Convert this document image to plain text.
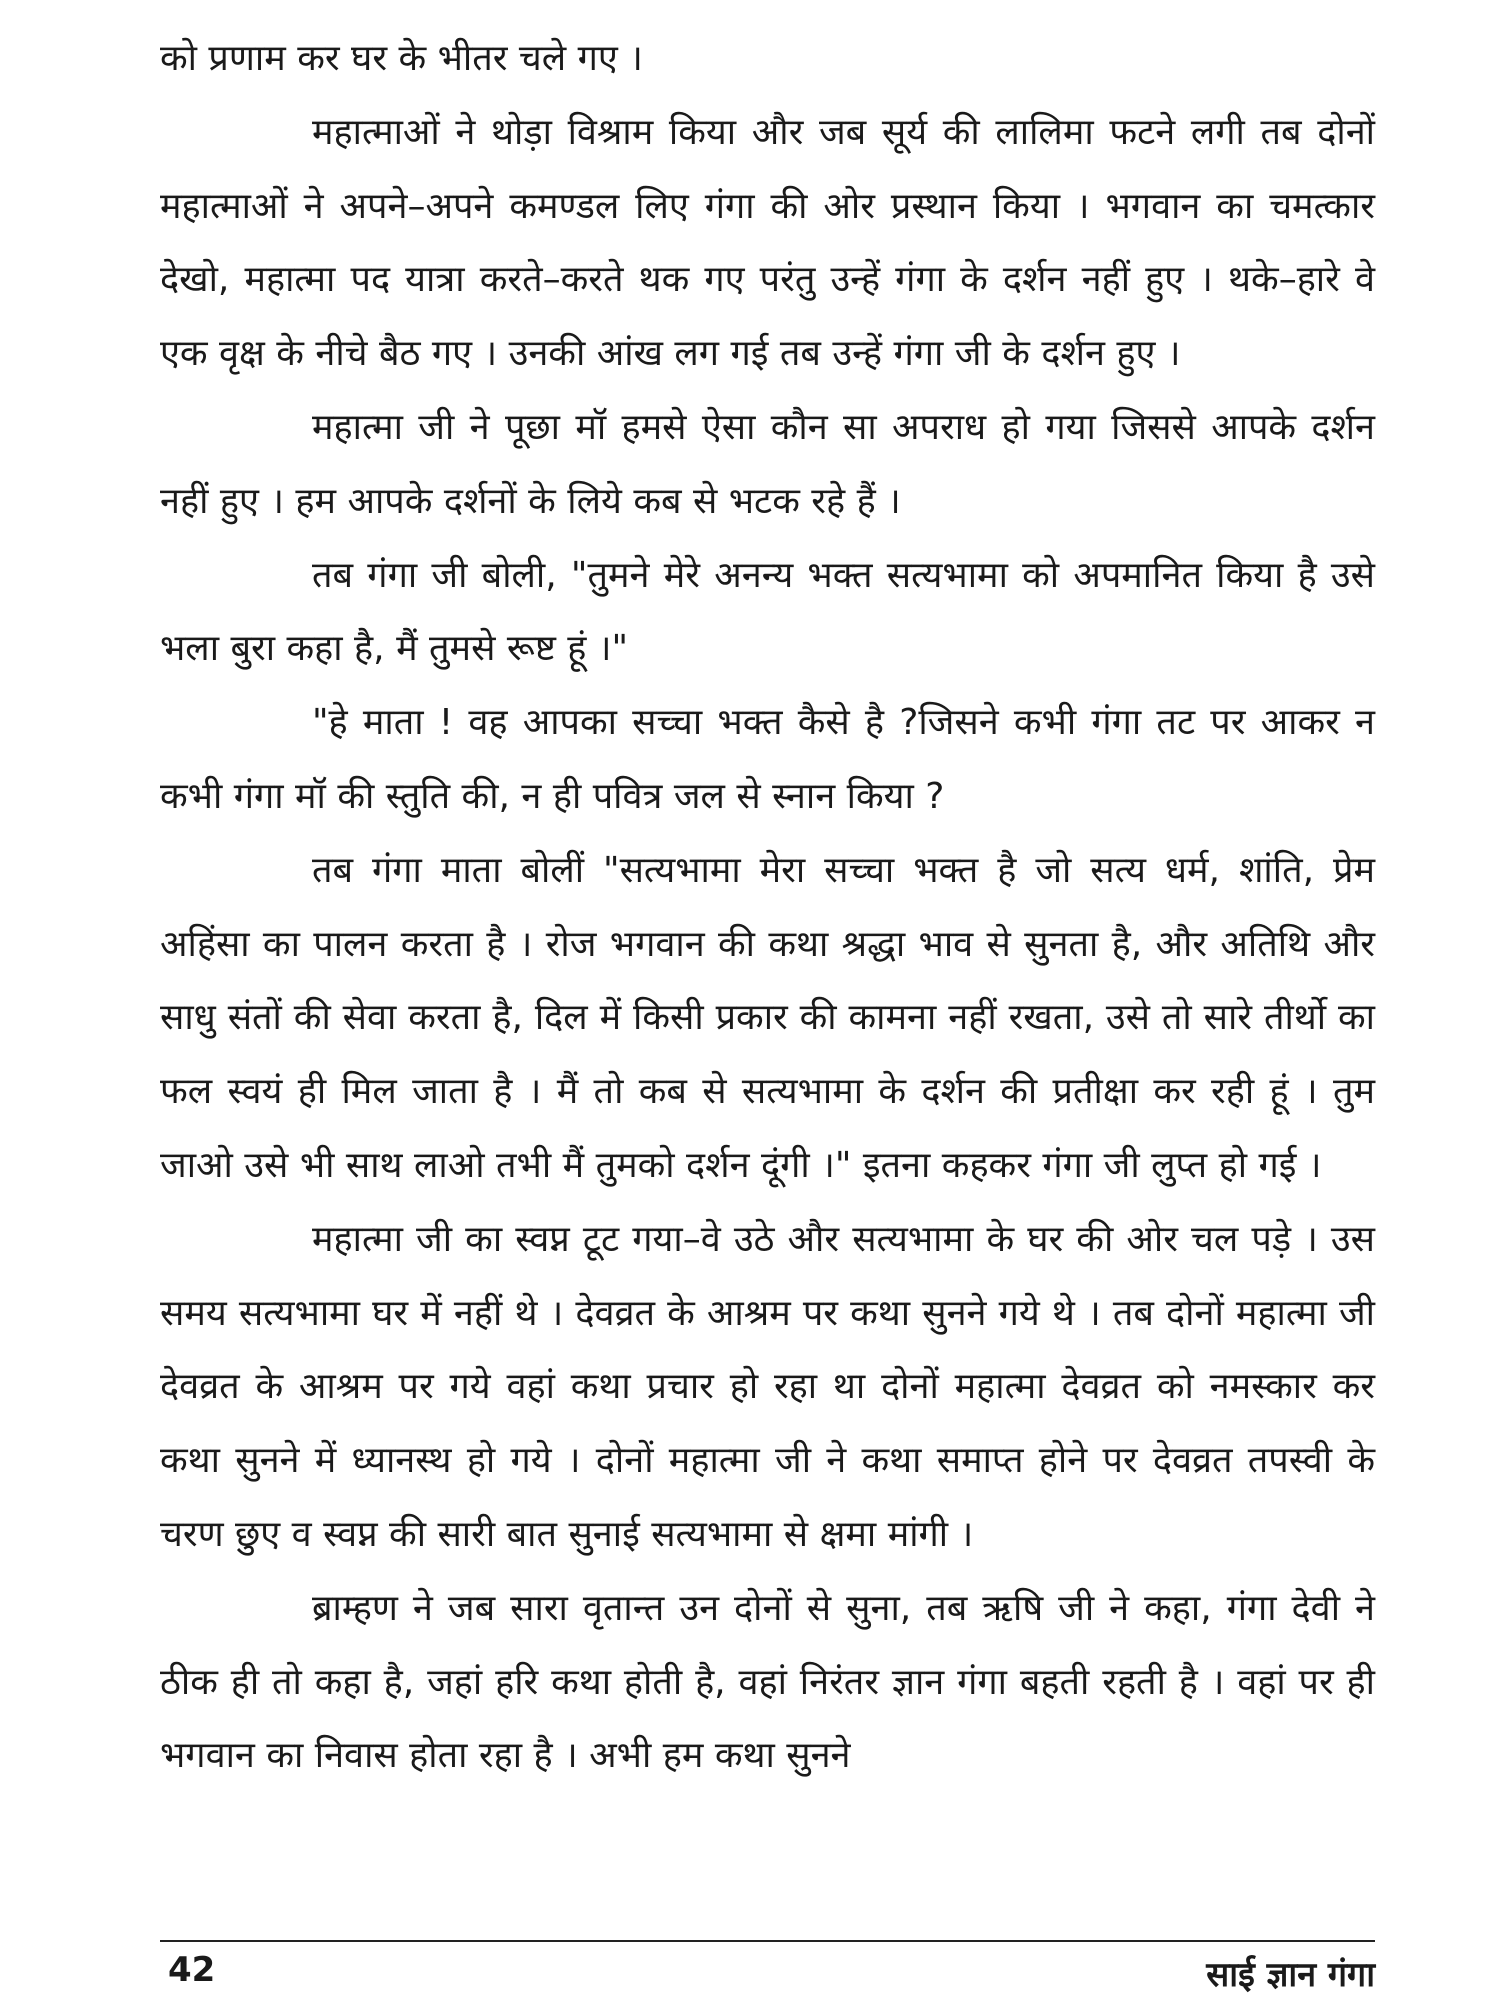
को प्रणाम कर घर के भीतर चले गए ।

महात्माओं ने थोड़ा विश्राम किया और जब सूर्य की लालिमा फटने लगी तब दोनों महात्माओं ने अपने–अपने कमण्डल लिए गंगा की ओर प्रस्थान किया । भगवान का चमत्कार देखो, महात्मा पद यात्रा करते–करते थक गए परंतु उन्हें गंगा के दर्शन नहीं हुए । थके–हारे वे एक वृक्ष के नीचे बैठ गए । उनकी आंख लग गई तब उन्हें गंगा जी के दर्शन हुए ।

महात्मा जी ने पूछा मॉ हमसे ऐसा कौन सा अपराध हो गया जिससे आपके दर्शन नहीं हुए । हम आपके दर्शनों के लिये कब से भटक रहे हैं ।

तब गंगा जी बोली, "तुमने मेरे अनन्य भक्त सत्यभामा को अपमानित किया है उसे भला बुरा कहा है, मैं तुमसे रूष्ट हूं ।"

"हे माता ! वह आपका सच्चा भक्त कैसे है ?जिसने कभी गंगा तट पर आकर न कभी गंगा मॉ की स्तुति की, न ही पवित्र जल से स्नान किया ?

तब गंगा माता बोलीं "सत्यभामा मेरा सच्चा भक्त है जो सत्य धर्म, शांति, प्रेम अहिंसा का पालन करता है । रोज भगवान की कथा श्रद्धा भाव से सुनता है, और अतिथि और साधु संतों की सेवा करता है, दिल में किसी प्रकार की कामना नहीं रखता, उसे तो सारे तीर्थो का फल स्वयं ही मिल जाता है । मैं तो कब से सत्यभामा के दर्शन की प्रतीक्षा कर रही हूं । तुम जाओ उसे भी साथ लाओ तभी मैं तुमको दर्शन दूंगी ।" इतना कहकर गंगा जी लुप्त हो गई ।

महात्मा जी का स्वप्न टूट गया–वे उठे और सत्यभामा के घर की ओर चल पड़े । उस समय सत्यभामा घर में नहीं थे । देवव्रत के आश्रम पर कथा सुनने गये थे । तब दोनों महात्मा जी देवव्रत के आश्रम पर गये वहां कथा प्रचार हो रहा था दोनों महात्मा देवव्रत को नमस्कार कर कथा सुनने में ध्यानस्थ हो गये । दोनों महात्मा जी ने कथा समाप्त होने पर देवव्रत तपस्वी के चरण छुए व स्वप्न की सारी बात सुनाई सत्यभामा से क्षमा मांगी ।

ब्राम्हण ने जब सारा वृतान्त उन दोनों से सुना, तब ऋषि जी ने कहा, गंगा देवी ने ठीक ही तो कहा है, जहां हरि कथा होती है, वहां निरंतर ज्ञान गंगा बहती रहती है । वहां पर ही भगवान का निवास होता रहा है । अभी हम कथा सुनने

42	साई ज्ञान गंगा
